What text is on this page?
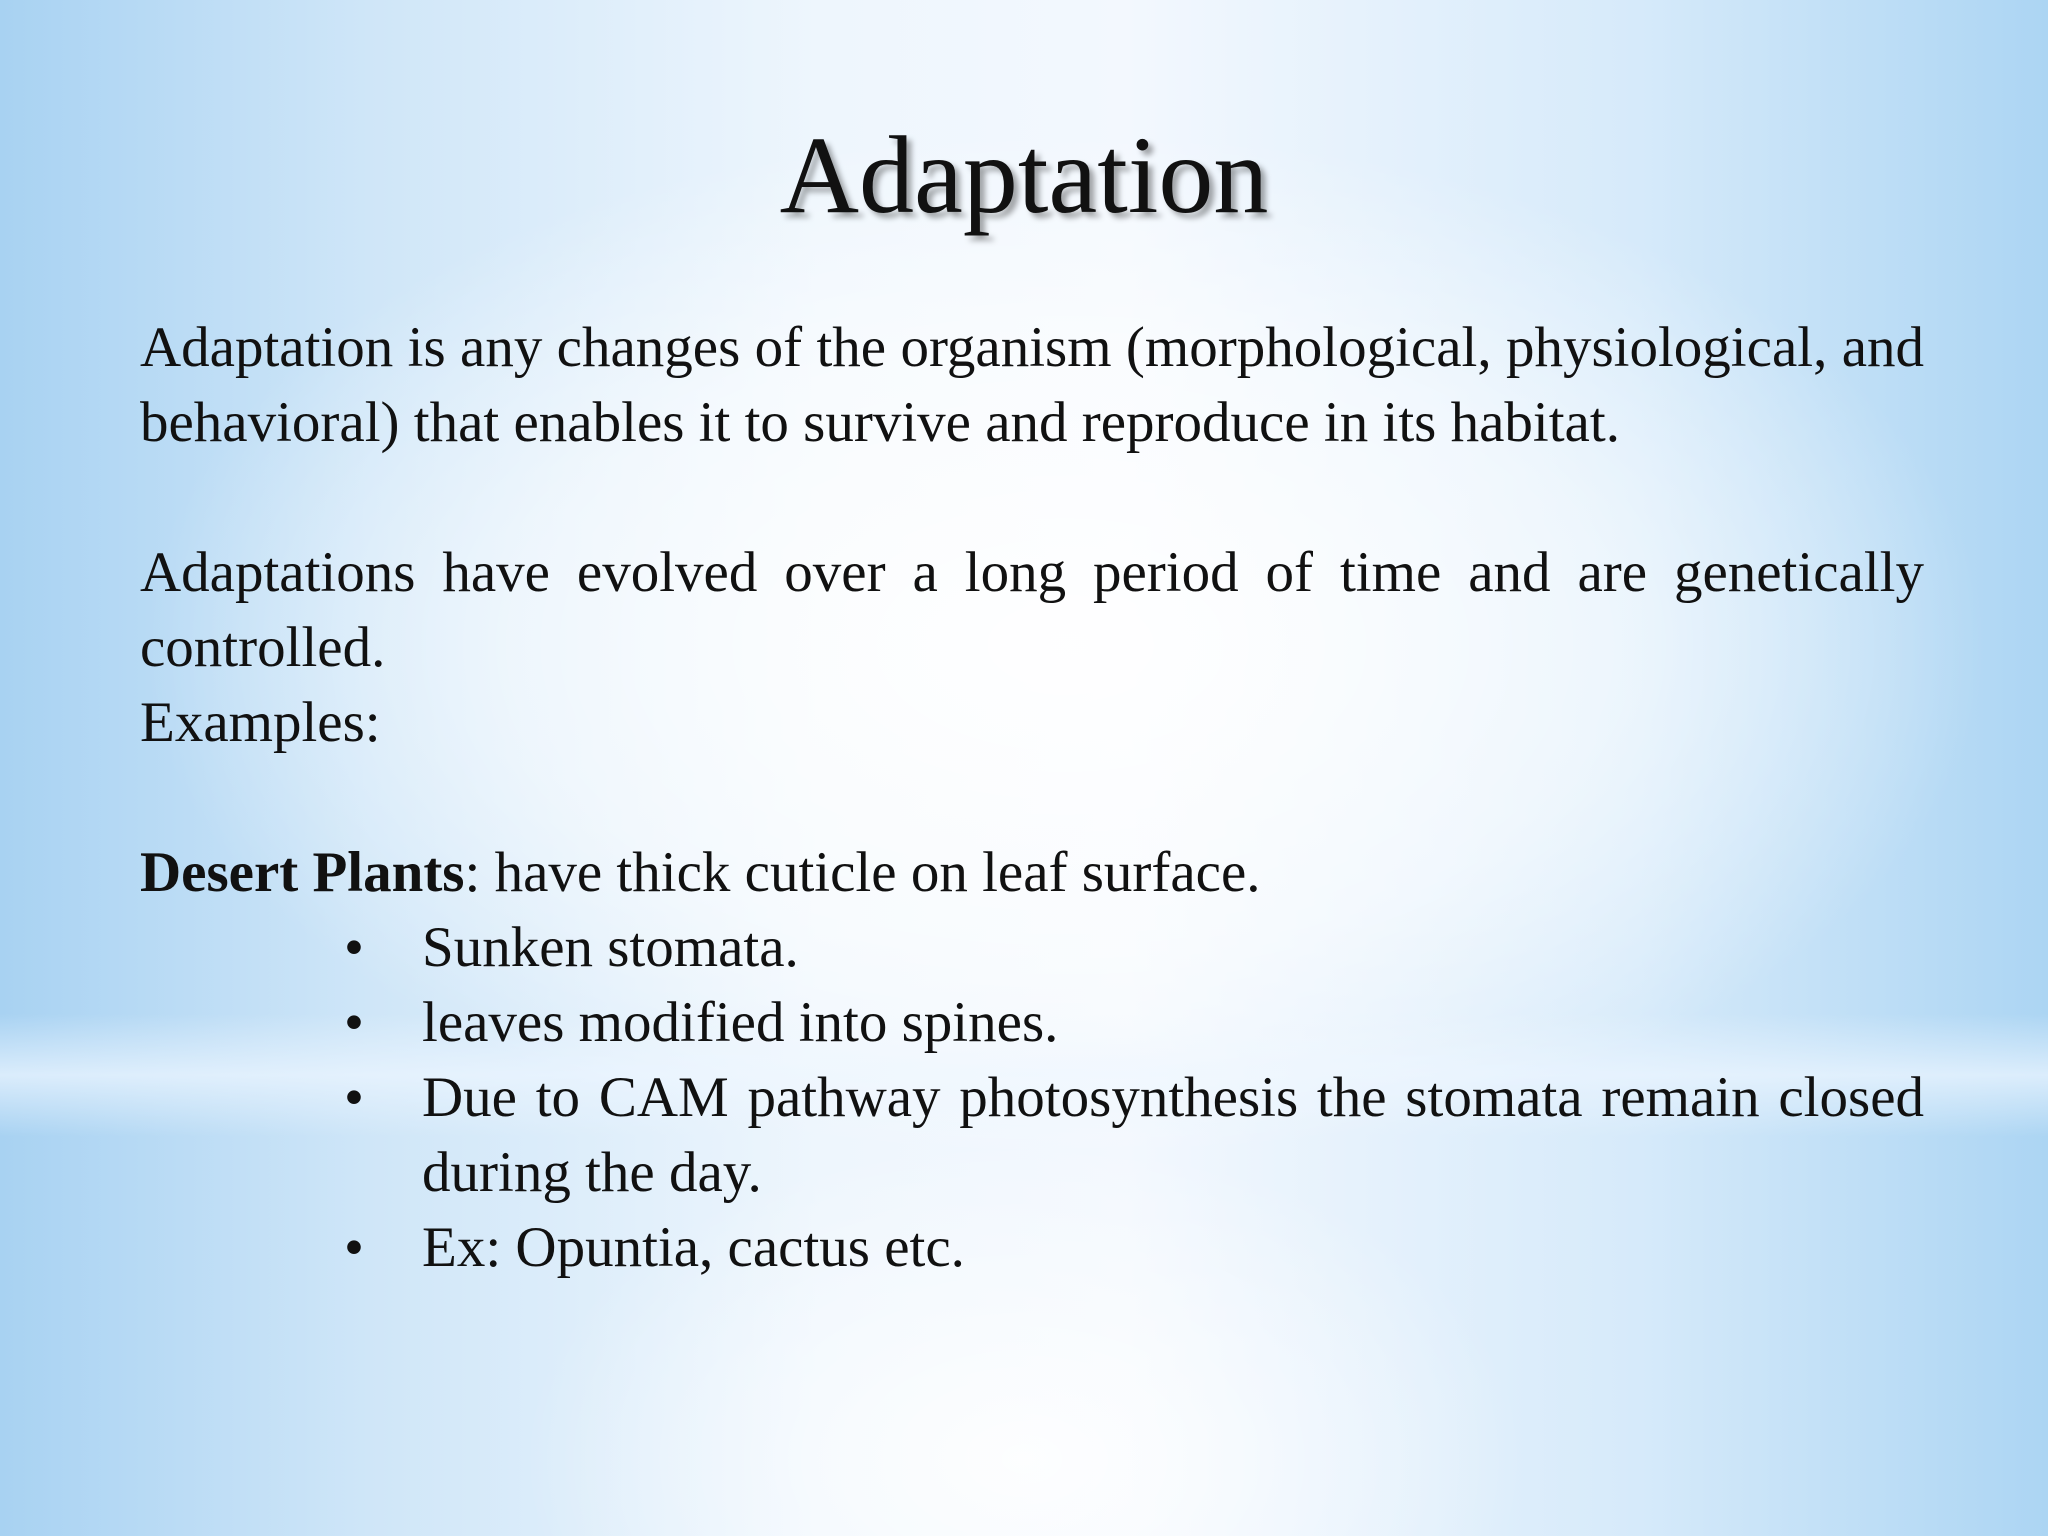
Adaptation

Adaptation is any changes of the organism (morphological, physiological, and behavioral) that enables it to survive and reproduce in its habitat.

Adaptations have evolved over a long period of time and are genetically controlled.

Examples:

Desert Plants: have thick cuticle on leaf surface.

• Sunken stomata.
• leaves modified into spines.
• Due to CAM pathway photosynthesis the stomata remain closed during the day.
• Ex: Opuntia, cactus etc.
